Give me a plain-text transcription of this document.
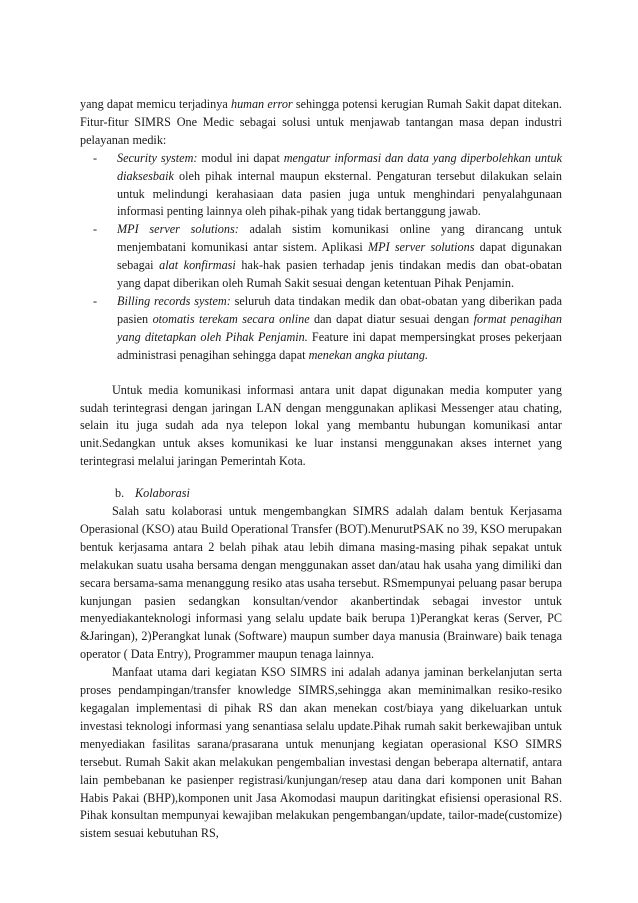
yang dapat memicu terjadinya human error sehingga potensi kerugian Rumah Sakit dapat ditekan. Fitur-fitur SIMRS One Medic sebagai solusi untuk menjawab tantangan masa depan industri pelayanan medik:

- Security system: modul ini dapat mengatur informasi dan data yang diperbolehkan untuk diaksesbaik oleh pihak internal maupun eksternal. Pengaturan tersebut dilakukan selain untuk melindungi kerahasiaan data pasien juga untuk menghindari penyalahgunaan informasi penting lainnya oleh pihak-pihak yang tidak bertanggung jawab.
- MPI server solutions: adalah sistim komunikasi online yang dirancang untuk menjembatani komunikasi antar sistem. Aplikasi MPI server solutions dapat digunakan sebagai alat konfirmasi hak-hak pasien terhadap jenis tindakan medis dan obat-obatan yang dapat diberikan oleh Rumah Sakit sesuai dengan ketentuan Pihak Penjamin.
- Billing records system: seluruh data tindakan medik dan obat-obatan yang diberikan pada pasien otomatis terekam secara online dan dapat diatur sesuai dengan format penagihan yang ditetapkan oleh Pihak Penjamin. Feature ini dapat mempersingkat proses pekerjaan administrasi penagihan sehingga dapat menekan angka piutang.

Untuk media komunikasi informasi antara unit dapat digunakan media komputer yang sudah terintegrasi dengan jaringan LAN dengan menggunakan aplikasi Messenger atau chating, selain itu juga sudah ada nya telepon lokal yang membantu hubungan komunikasi antar unit.Sedangkan untuk akses komunikasi ke luar instansi menggunakan akses internet yang terintegrasi melalui jaringan Pemerintah Kota.

b. Kolaborasi

Salah satu kolaborasi untuk mengembangkan SIMRS adalah dalam bentuk Kerjasama Operasional (KSO) atau Build Operational Transfer (BOT).MenurutPSAK no 39, KSO merupakan bentuk kerjasama antara 2 belah pihak atau lebih dimana masing-masing pihak sepakat untuk melakukan suatu usaha bersama dengan menggunakan asset dan/atau hak usaha yang dimiliki dan secara bersama-sama menanggung resiko atas usaha tersebut. RSmempunyai peluang pasar berupa kunjungan pasien sedangkan konsultan/vendor akanbertindak sebagai investor untuk menyediakanteknologi informasi yang selalu update baik berupa 1)Perangkat keras (Server, PC &Jaringan), 2)Perangkat lunak (Software) maupun sumber daya manusia (Brainware) baik tenaga operator ( Data Entry), Programmer maupun tenaga lainnya.

Manfaat utama dari kegiatan KSO SIMRS ini adalah adanya jaminan berkelanjutan serta proses pendampingan/transfer knowledge SIMRS,sehingga akan meminimalkan resiko-resiko kegagalan implementasi di pihak RS dan akan menekan cost/biaya yang dikeluarkan untuk investasi teknologi informasi yang senantiasa selalu update.Pihak rumah sakit berkewajiban untuk menyediakan fasilitas sarana/prasarana untuk menunjang kegiatan operasional KSO SIMRS tersebut. Rumah Sakit akan melakukan pengembalian investasi dengan beberapa alternatif, antara lain pembebanan ke pasienper registrasi/kunjungan/resep atau dana dari komponen unit Bahan Habis Pakai (BHP),komponen unit Jasa Akomodasi maupun daritingkat efisiensi operasional RS. Pihak konsultan mempunyai kewajiban melakukan pengembangan/update, tailor-made(customize) sistem sesuai kebutuhan RS,
